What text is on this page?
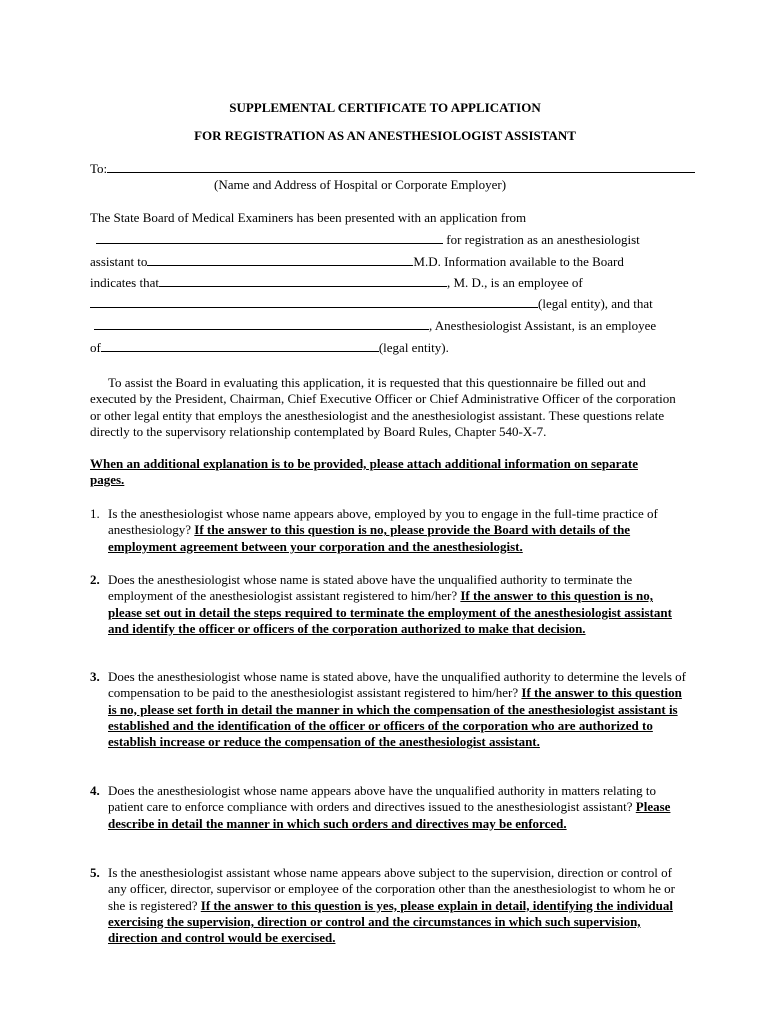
SUPPLEMENTAL CERTIFICATE TO APPLICATION
FOR REGISTRATION AS AN ANESTHESIOLOGIST ASSISTANT
To:
(Name and Address of Hospital or Corporate Employer)
The State Board of Medical Examiners has been presented with an application from
for registration as an anesthesiologist
assistant to	M.D. Information available to the Board
indicates that	, M. D., is an employee of
(legal entity), and that
, Anesthesiologist Assistant, is an employee
of	(legal entity).
To assist the Board in evaluating this application, it is requested that this questionnaire be filled out and executed by the President, Chairman, Chief Executive Officer or Chief Administrative Officer of the corporation or other legal entity that employs the anesthesiologist and the anesthesiologist assistant. These questions relate directly to the supervisory relationship contemplated by Board Rules, Chapter 540-X-7.
When an additional explanation is to be provided, please attach additional information on separate pages.
1. Is the anesthesiologist whose name appears above, employed by you to engage in the full-time practice of anesthesiology? If the answer to this question is no, please provide the Board with details of the employment agreement between your corporation and the anesthesiologist.
2. Does the anesthesiologist whose name is stated above have the unqualified authority to terminate the employment of the anesthesiologist assistant registered to him/her? If the answer to this question is no, please set out in detail the steps required to terminate the employment of the anesthesiologist assistant and identify the officer or officers of the corporation authorized to make that decision.
3. Does the anesthesiologist whose name is stated above, have the unqualified authority to determine the levels of compensation to be paid to the anesthesiologist assistant registered to him/her? If the answer to this question is no, please set forth in detail the manner in which the compensation of the anesthesiologist assistant is established and the identification of the officer or officers of the corporation who are authorized to establish increase or reduce the compensation of the anesthesiologist assistant.
4. Does the anesthesiologist whose name appears above have the unqualified authority in matters relating to patient care to enforce compliance with orders and directives issued to the anesthesiologist assistant? Please describe in detail the manner in which such orders and directives may be enforced.
5. Is the anesthesiologist assistant whose name appears above subject to the supervision, direction or control of any officer, director, supervisor or employee of the corporation other than the anesthesiologist to whom he or she is registered? If the answer to this question is yes, please explain in detail, identifying the individual exercising the supervision, direction or control and the circumstances in which such supervision, direction and control would be exercised.
